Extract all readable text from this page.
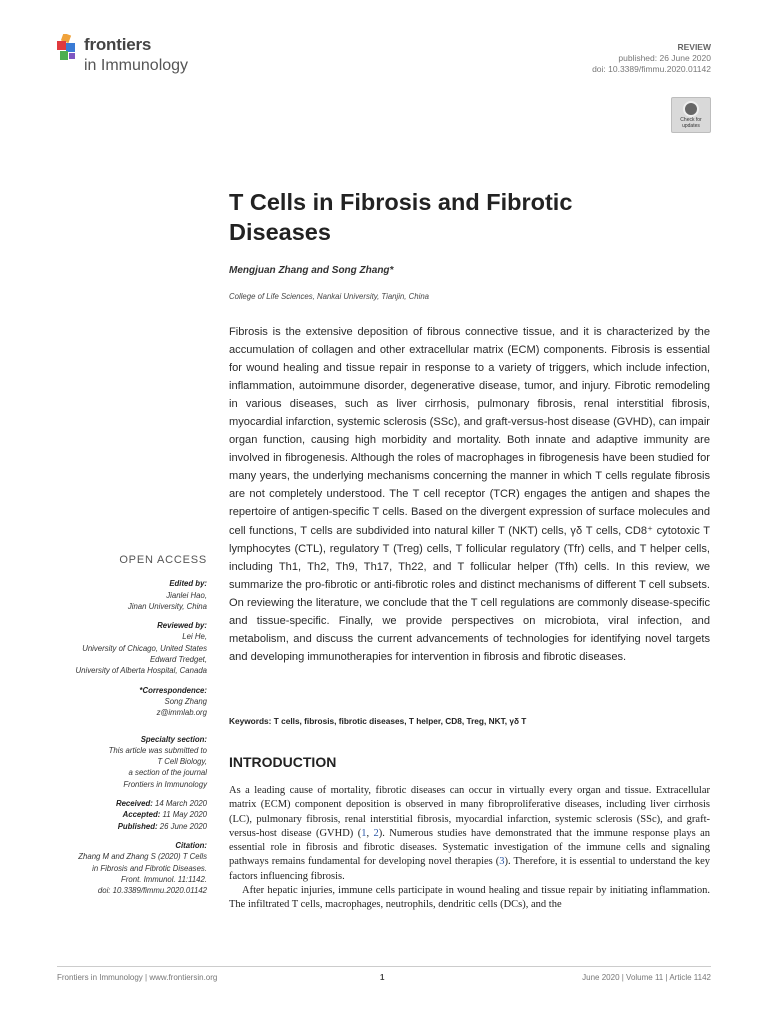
frontiers
in Immunology
REVIEW
published: 26 June 2020
doi: 10.3389/fimmu.2020.01142
Check for updates
T Cells in Fibrosis and Fibrotic Diseases
Mengjuan Zhang and Song Zhang*
College of Life Sciences, Nankai University, Tianjin, China
Fibrosis is the extensive deposition of fibrous connective tissue, and it is characterized by the accumulation of collagen and other extracellular matrix (ECM) components. Fibrosis is essential for wound healing and tissue repair in response to a variety of triggers, which include infection, inflammation, autoimmune disorder, degenerative disease, tumor, and injury. Fibrotic remodeling in various diseases, such as liver cirrhosis, pulmonary fibrosis, renal interstitial fibrosis, myocardial infarction, systemic sclerosis (SSc), and graft-versus-host disease (GVHD), can impair organ function, causing high morbidity and mortality. Both innate and adaptive immunity are involved in fibrogenesis. Although the roles of macrophages in fibrogenesis have been studied for many years, the underlying mechanisms concerning the manner in which T cells regulate fibrosis are not completely understood. The T cell receptor (TCR) engages the antigen and shapes the repertoire of antigen-specific T cells. Based on the divergent expression of surface molecules and cell functions, T cells are subdivided into natural killer T (NKT) cells, γδ T cells, CD8⁺ cytotoxic T lymphocytes (CTL), regulatory T (Treg) cells, T follicular regulatory (Tfr) cells, and T helper cells, including Th1, Th2, Th9, Th17, Th22, and T follicular helper (Tfh) cells. In this review, we summarize the pro-fibrotic or anti-fibrotic roles and distinct mechanisms of different T cell subsets. On reviewing the literature, we conclude that the T cell regulations are commonly disease-specific and tissue-specific. Finally, we provide perspectives on microbiota, viral infection, and metabolism, and discuss the current advancements of technologies for identifying novel targets and developing immunotherapies for intervention in fibrosis and fibrotic diseases.
Keywords: T cells, fibrosis, fibrotic diseases, T helper, CD8, Treg, NKT, γδ T
INTRODUCTION

As a leading cause of mortality, fibrotic diseases can occur in virtually every organ and tissue. Extracellular matrix (ECM) component deposition is observed in many fibroproliferative diseases, including liver cirrhosis (LC), pulmonary fibrosis, renal interstitial fibrosis, myocardial infarction, systemic sclerosis (SSc), and graft-versus-host disease (GVHD) (1, 2). Numerous studies have demonstrated that the immune response plays an essential role in fibrosis and fibrotic diseases. Systematic investigation of the immune cells and signaling pathways remains fundamental for developing novel therapies (3). Therefore, it is essential to understand the key factors influencing fibrosis.

After hepatic injuries, immune cells participate in wound healing and tissue repair by initiating inflammation. The infiltrated T cells, macrophages, neutrophils, dendritic cells (DCs), and the

OPEN ACCESS
Edited by:
Jianlei Hao,
Jinan University, China
Reviewed by:
Lei He,
University of Chicago, United States
Edward Tredget,
University of Alberta Hospital, Canada
*Correspondence:
Song Zhang
z@immlab.org
Specialty section:
This article was submitted to
T Cell Biology,
a section of the journal
Frontiers in Immunology
Received: 14 March 2020
Accepted: 11 May 2020
Published: 26 June 2020
Citation:
Zhang M and Zhang S (2020) T Cells
in Fibrosis and Fibrotic Diseases.
Front. Immunol. 11:1142.
doi: 10.3389/fimmu.2020.01142
Frontiers in Immunology | www.frontiersin.org	1	June 2020 | Volume 11 | Article 1142
